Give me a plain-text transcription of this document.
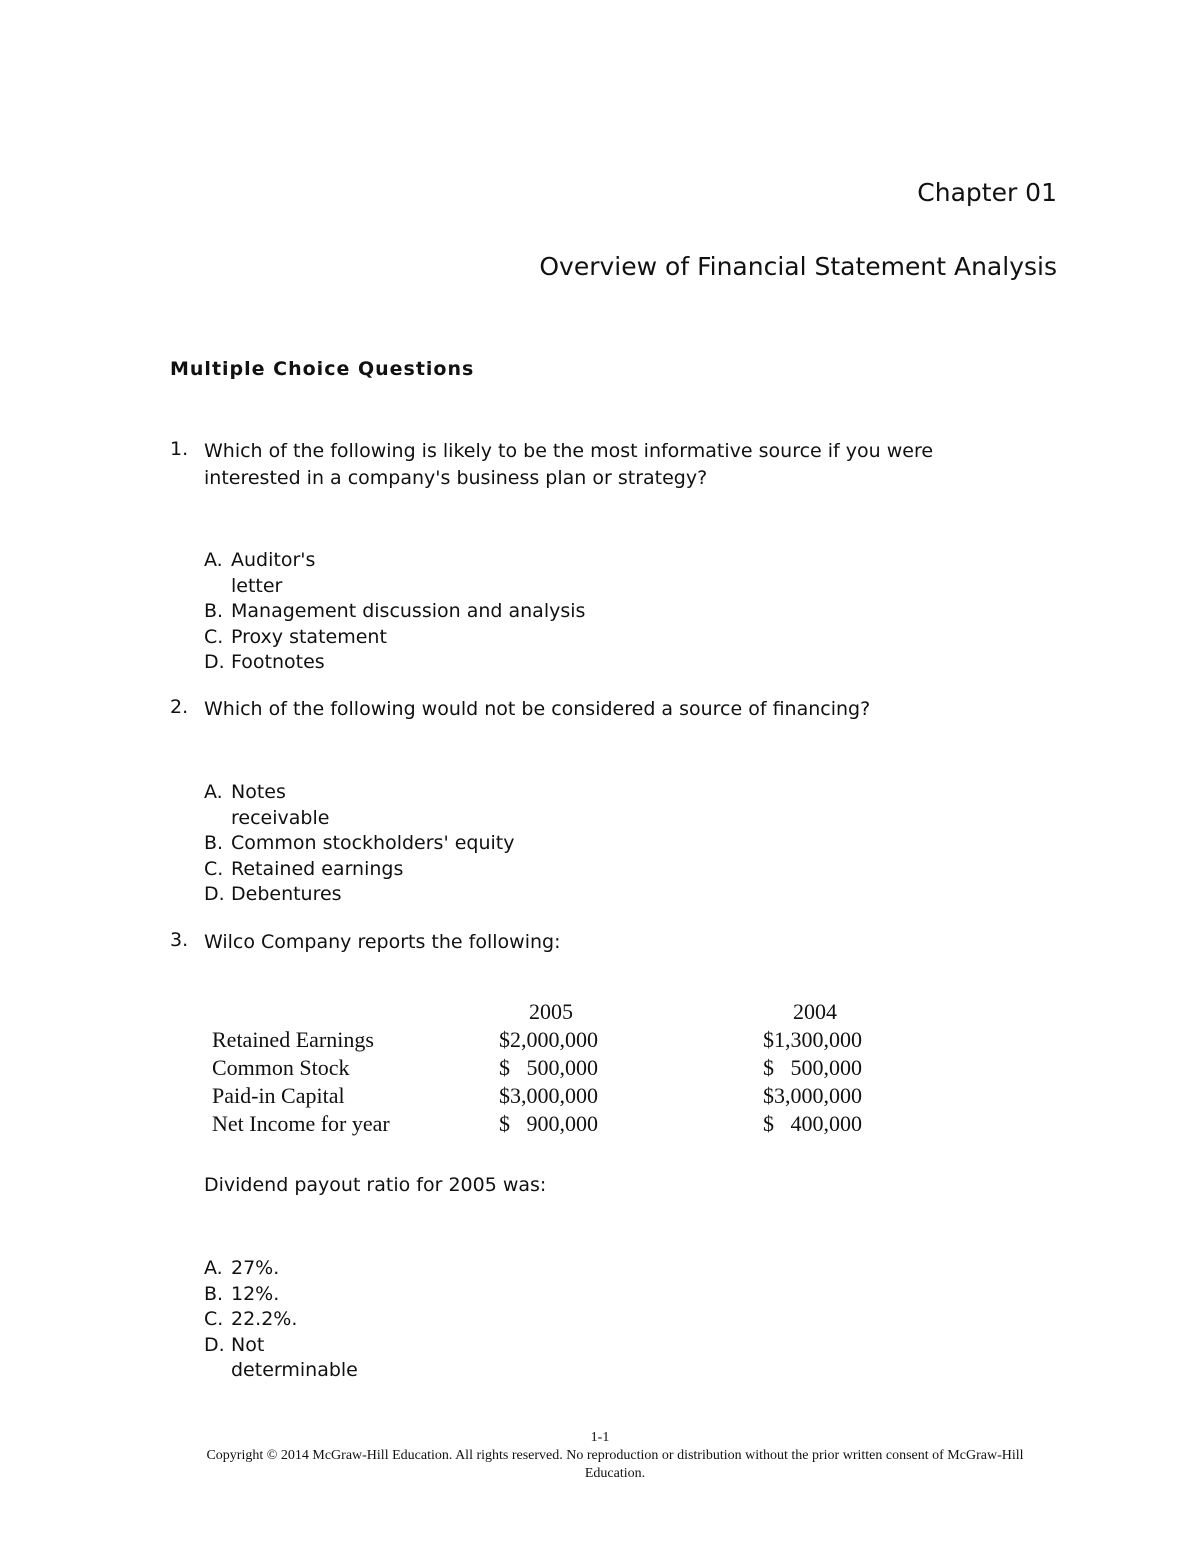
Chapter 01
Overview of Financial Statement Analysis
Multiple Choice Questions
1. Which of the following is likely to be the most informative source if you were interested in a company's business plan or strategy?
A. Auditor's letter
B. Management discussion and analysis
C. Proxy statement
D. Footnotes
2. Which of the following would not be considered a source of financing?
A. Notes receivable
B. Common stockholders' equity
C. Retained earnings
D. Debentures
3. Wilco Company reports the following:
	2005	2004
Retained Earnings	$2,000,000	$1,300,000
Common Stock	$   500,000	$   500,000
Paid-in Capital	$3,000,000	$3,000,000
Net Income for year	$   900,000	$   400,000
Dividend payout ratio for 2005 was:
A. 27%.
B. 12%.
C. 22.2%.
D. Not determinable
1-1
Copyright © 2014 McGraw-Hill Education. All rights reserved. No reproduction or distribution without the prior written consent of McGraw-Hill Education.
